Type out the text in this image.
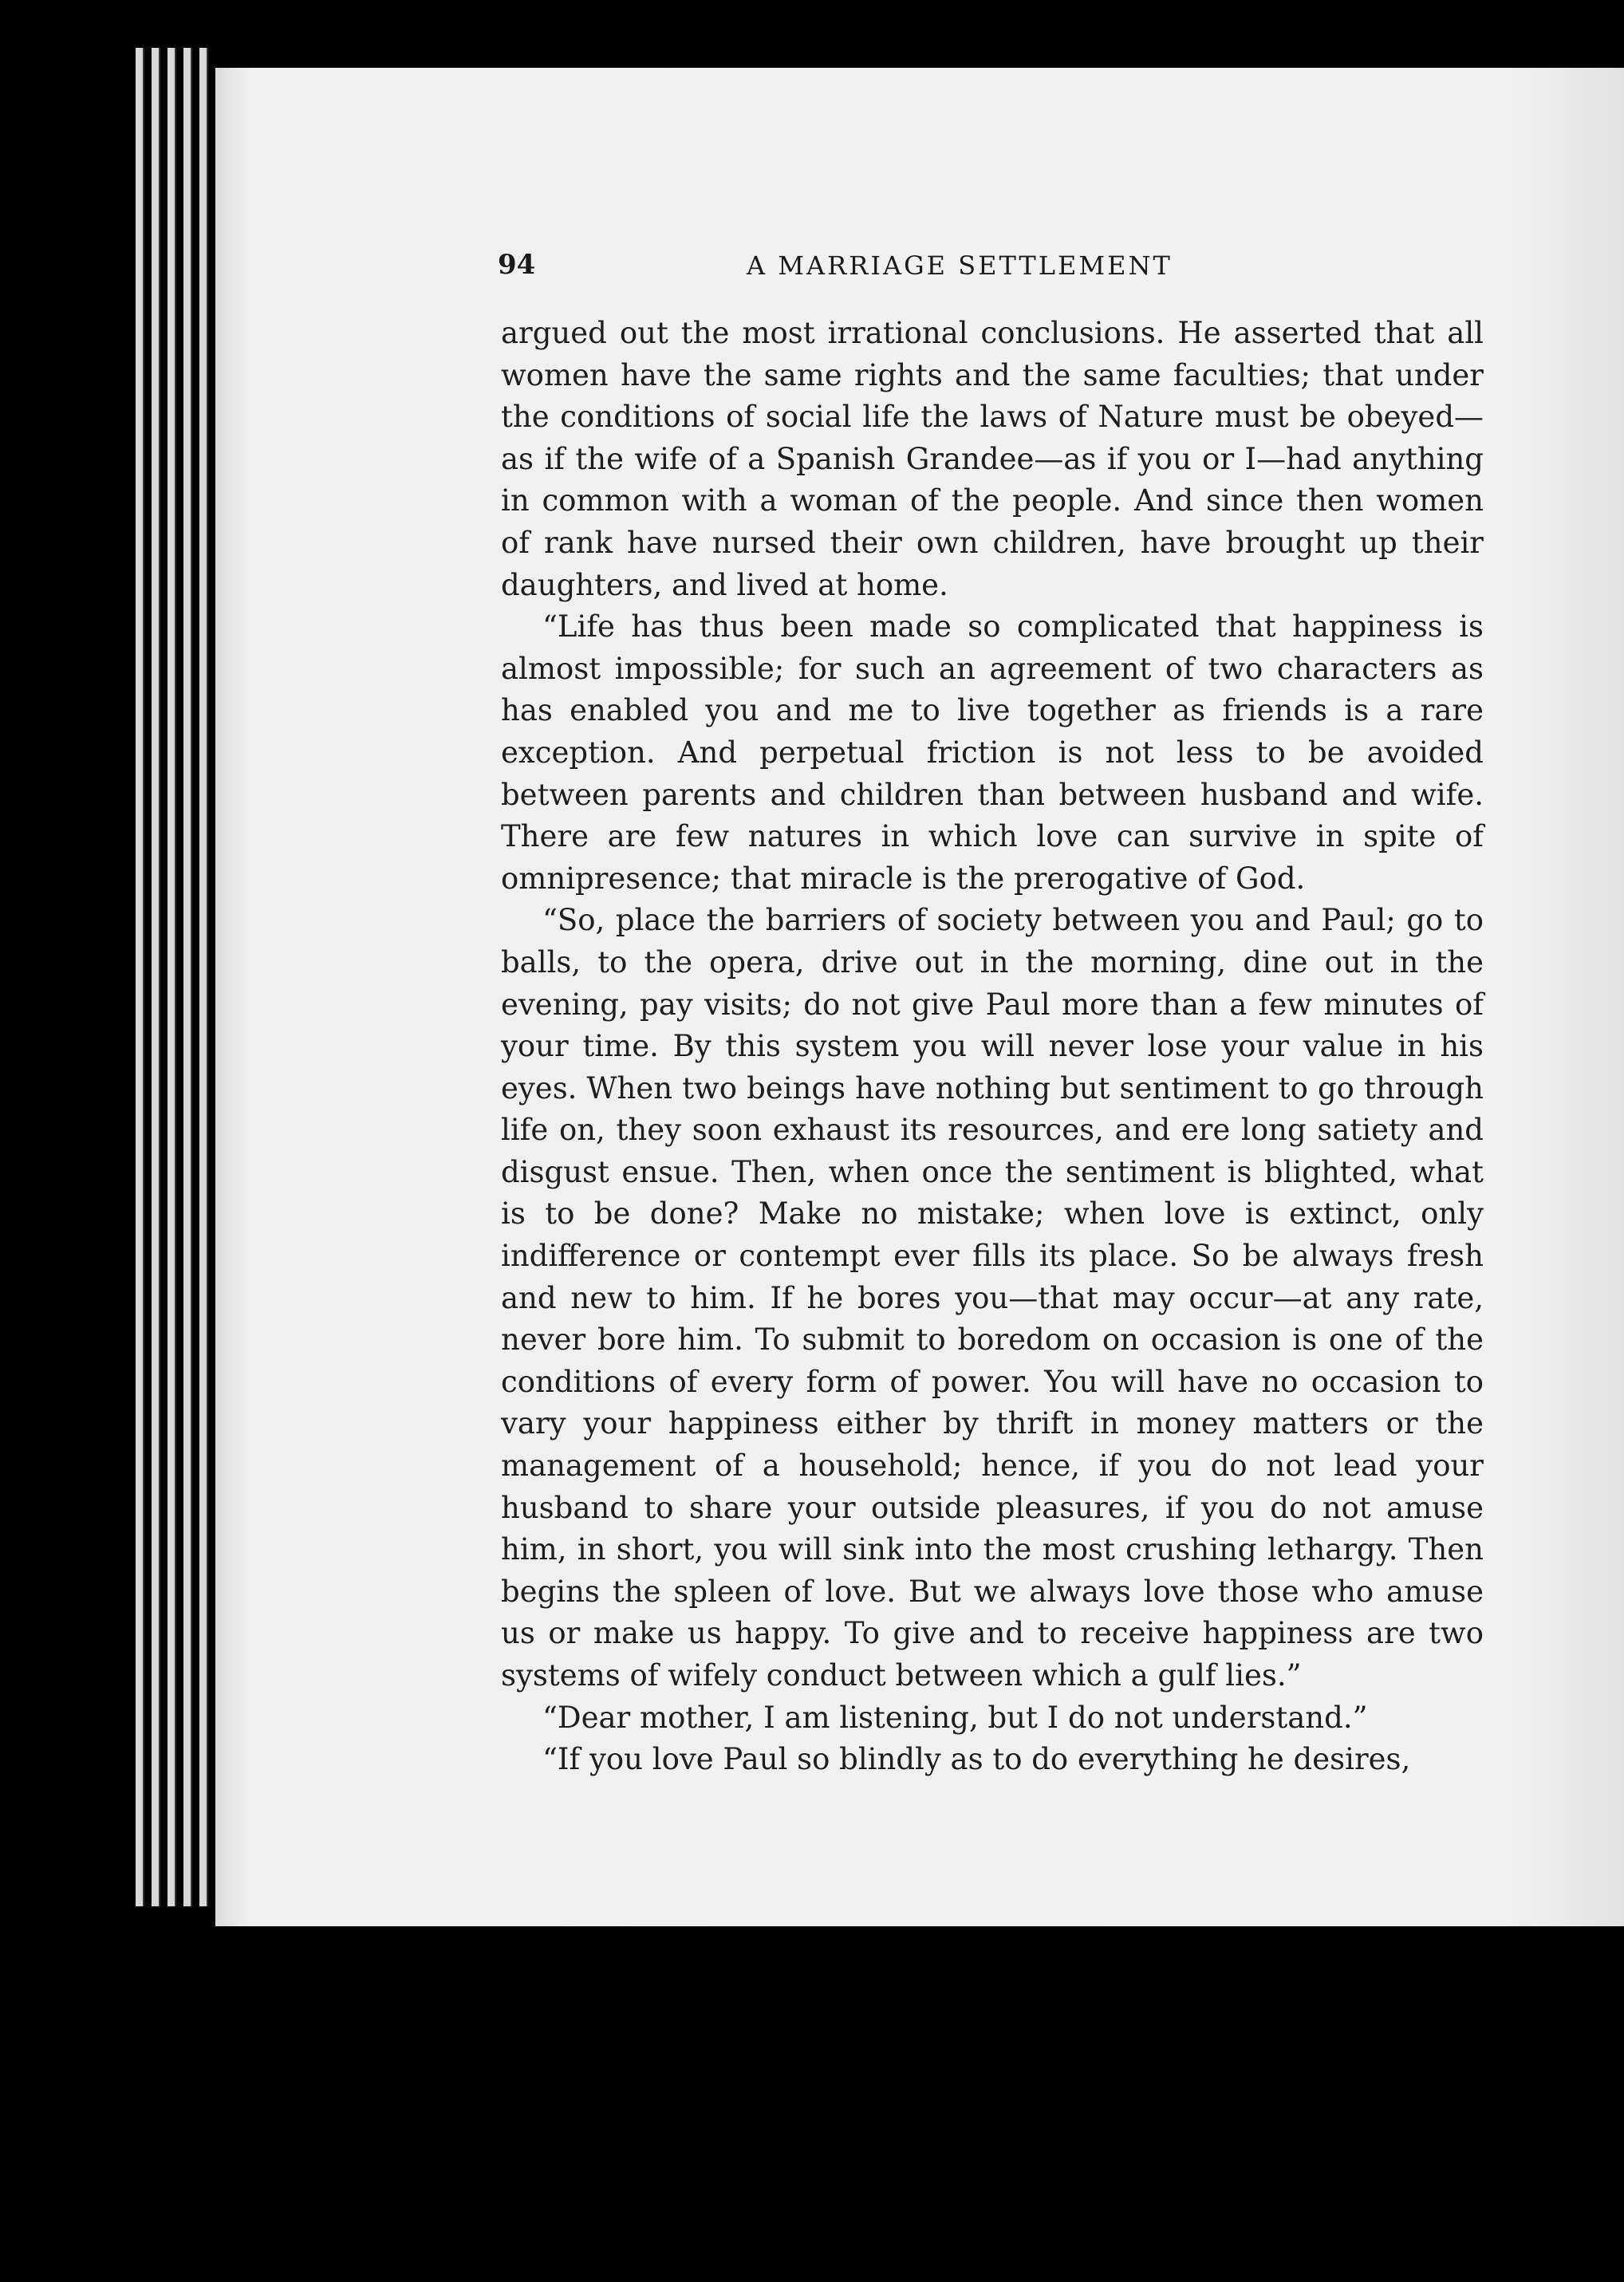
94	A MARRIAGE SETTLEMENT

argued out the most irrational conclusions. He asserted that all women have the same rights and the same faculties; that under the conditions of social life the laws of Nature must be obeyed—as if the wife of a Spanish Grandee—as if you or I—had anything in common with a woman of the people. And since then women of rank have nursed their own children, have brought up their daughters, and lived at home.

“Life has thus been made so complicated that happiness is almost impossible; for such an agreement of two characters as has enabled you and me to live together as friends is a rare exception. And perpetual friction is not less to be avoided between parents and children than between husband and wife. There are few natures in which love can survive in spite of omnipresence; that miracle is the prerogative of God.

“So, place the barriers of society between you and Paul; go to balls, to the opera, drive out in the morning, dine out in the evening, pay visits; do not give Paul more than a few minutes of your time. By this system you will never lose your value in his eyes. When two beings have nothing but sentiment to go through life on, they soon exhaust its resources, and ere long satiety and disgust ensue. Then, when once the sentiment is blighted, what is to be done? Make no mistake; when love is extinct, only indifference or contempt ever fills its place. So be always fresh and new to him. If he bores you—that may occur—at any rate, never bore him. To submit to boredom on occasion is one of the conditions of every form of power. You will have no occasion to vary your happiness either by thrift in money matters or the management of a household; hence, if you do not lead your husband to share your outside pleasures, if you do not amuse him, in short, you will sink into the most crushing lethargy. Then begins the spleen of love. But we always love those who amuse us or make us happy. To give and to receive happiness are two systems of wifely conduct between which a gulf lies.”

“Dear mother, I am listening, but I do not understand.”

“If you love Paul so blindly as to do everything he desires,
